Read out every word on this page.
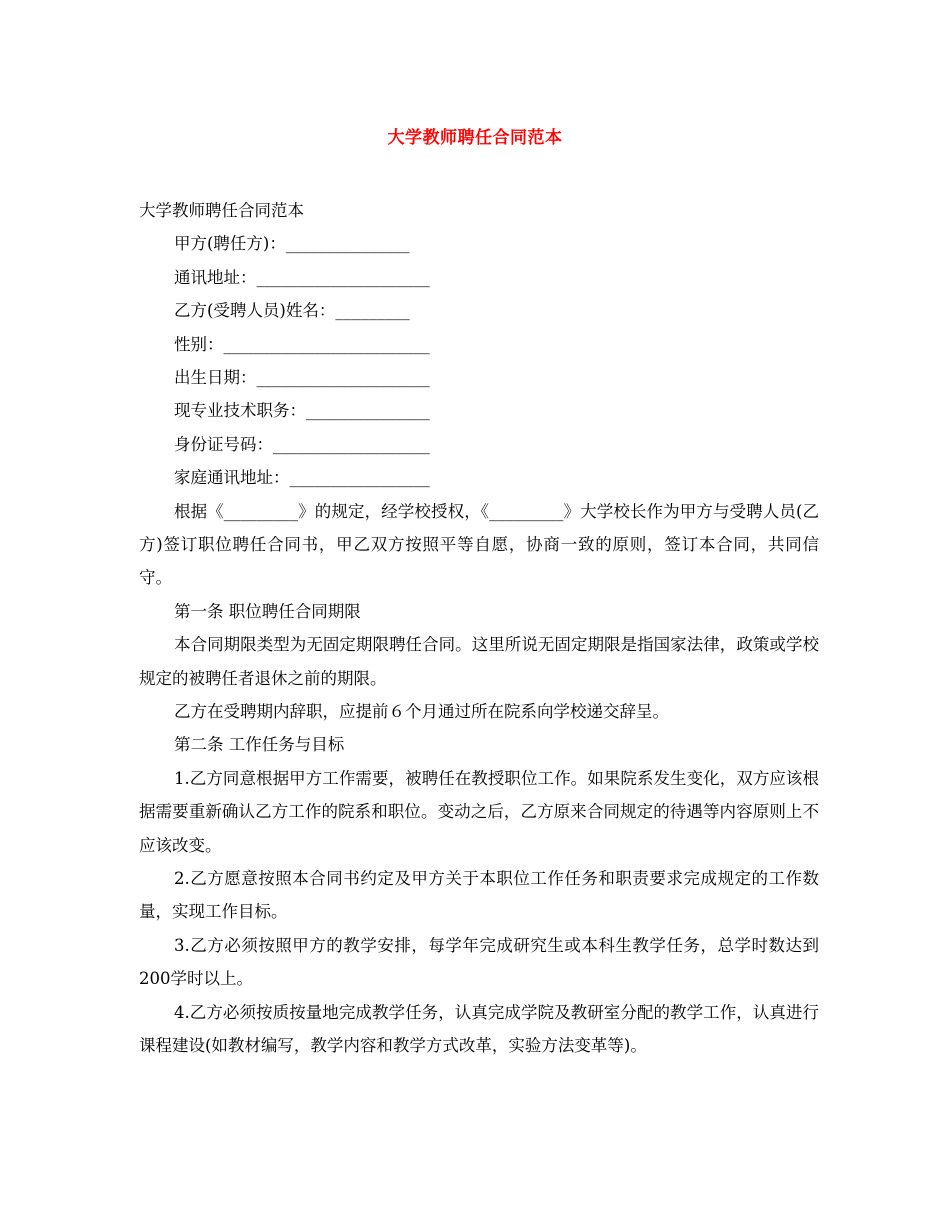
大学教师聘任合同范本
大学教师聘任合同范本
甲方(聘任方)：_______________
通讯地址：_____________________
乙方(受聘人员)姓名：_________
性别：_________________________
出生日期：_____________________
现专业技术职务：_______________
身份证号码：___________________
家庭通讯地址：_________________

根据《_________》的规定，经学校授权，《_________》大学校长作为甲方与受聘人员(乙方)签订职位聘任合同书，甲乙双方按照平等自愿，协商一致的原则，签订本合同，共同信守。

第一条 职位聘任合同期限

本合同期限类型为无固定期限聘任合同。这里所说无固定期限是指国家法律，政策或学校规定的被聘任者退休之前的期限。

乙方在受聘期内辞职，应提前６个月通过所在院系向学校递交辞呈。

第二条 工作任务与目标

1.乙方同意根据甲方工作需要，被聘任在教授职位工作。如果院系发生变化，双方应该根据需要重新确认乙方工作的院系和职位。变动之后，乙方原来合同规定的待遇等内容原则上不应该改变。

2.乙方愿意按照本合同书约定及甲方关于本职位工作任务和职责要求完成规定的工作数量，实现工作目标。

3.乙方必须按照甲方的教学安排，每学年完成研究生或本科生教学任务，总学时数达到200学时以上。

4.乙方必须按质按量地完成教学任务，认真完成学院及教研室分配的教学工作，认真进行课程建设(如教材编写，教学内容和教学方式改革，实验方法变革等)。
